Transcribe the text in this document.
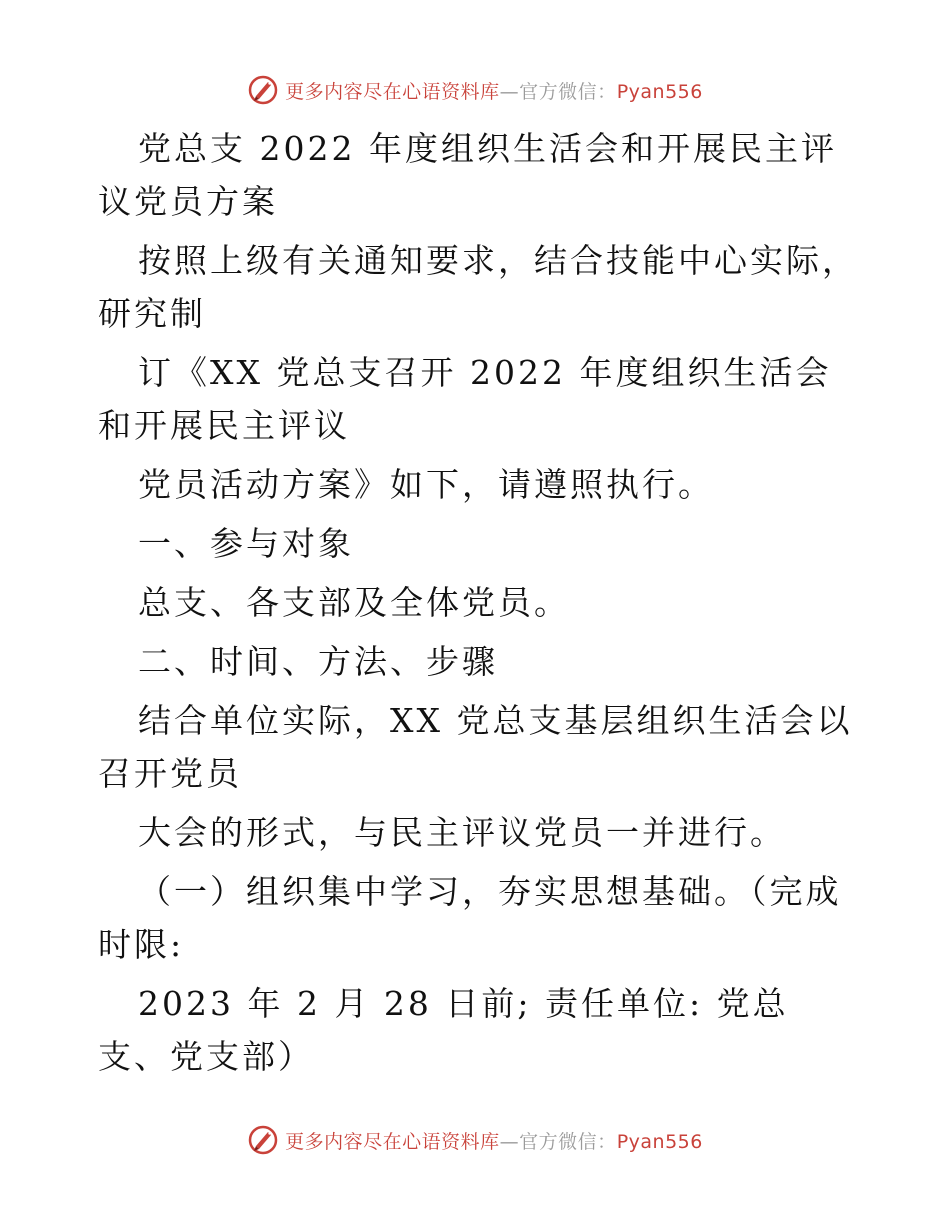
更多内容尽在心语资料库—官方微信：Pyan556

党总支 2022 年度组织生活会和开展民主评议党员方案

按照上级有关通知要求，结合技能中心实际，研究制

订《XX 党总支召开 2022 年度组织生活会和开展民主评议

党员活动方案》如下，请遵照执行。

一、参与对象

总支、各支部及全体党员。

二、时间、方法、步骤

结合单位实际，XX 党总支基层组织生活会以召开党员

大会的形式，与民主评议党员一并进行。

（一）组织集中学习，夯实思想基础。（完成时限:

2023 年 2 月 28 日前; 责任单位: 党总支、党支部）

更多内容尽在心语资料库—官方微信：Pyan556
